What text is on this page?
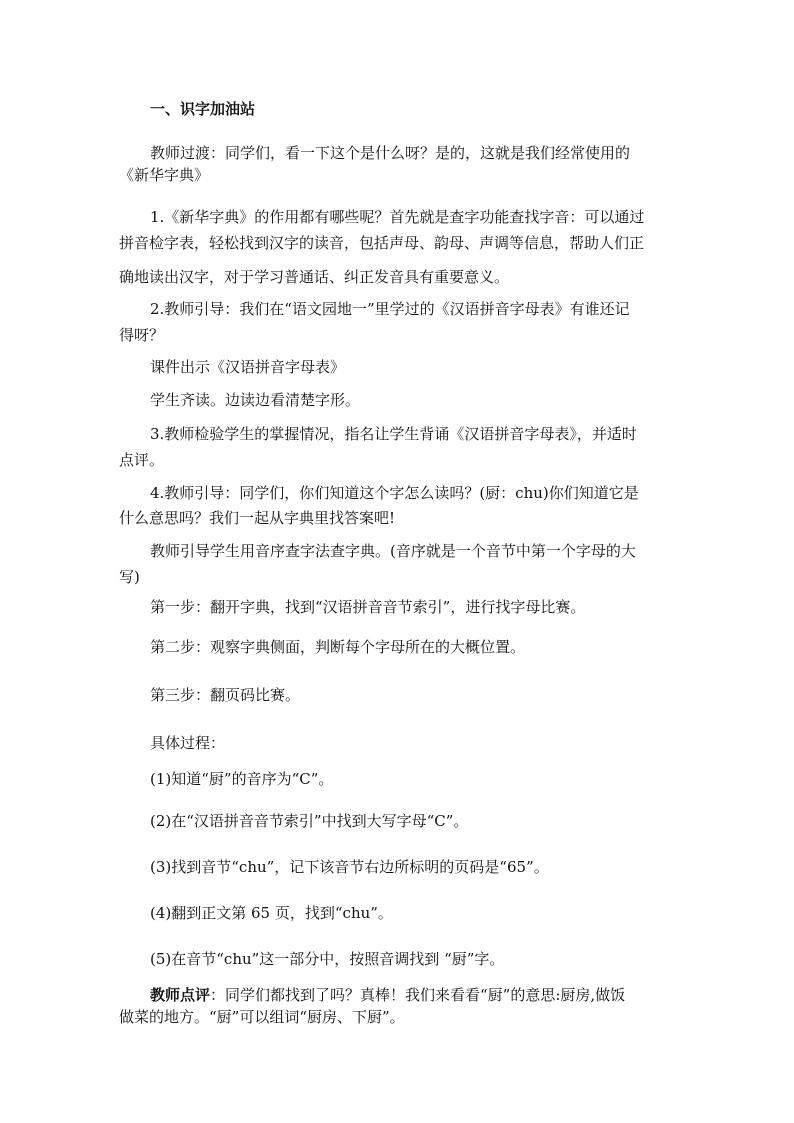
一、识字加油站
教师过渡：同学们，看一下这个是什么呀？是的，这就是我们经常使用的
《新华字典》
1.《新华字典》的作用都有哪些呢？首先就是查字功能查找字音：可以通过
拼音检字表，轻松找到汉字的读音，包括声母、韵母、声调等信息，帮助人们正
确地读出汉字，对于学习普通话、纠正发音具有重要意义。
2.教师引导：我们在“语文园地一”里学过的《汉语拼音字母表》有谁还记
得呀？
课件出示《汉语拼音字母表》
学生齐读。边读边看清楚字形。
3.教师检验学生的掌握情况，指名让学生背诵《汉语拼音字母表》，并适时
点评。
4.教师引导：同学们，你们知道这个字怎么读吗？(厨：chu)你们知道它是
什么意思吗？我们一起从字典里找答案吧!
教师引导学生用音序查字法查字典。(音序就是一个音节中第一个字母的大
写)
第一步：翻开字典，找到“汉语拼音音节索引”，进行找字母比赛。
第二步：观察字典侧面，判断每个字母所在的大概位置。
第三步：翻页码比赛。
具体过程：
(1)知道“厨”的音序为“C”。
(2)在“汉语拼音音节索引”中找到大写字母“C”。
(3)找到音节“chu”，记下该音节右边所标明的页码是“65”。
(4)翻到正文第 65 页，找到“chu”。
(5)在音节“chu”这一部分中，按照音调找到 “厨”字。
教师点评：同学们都找到了吗？真棒！我们来看看“厨”的意思:厨房,做饭
做菜的地方。“厨”可以组词“厨房、下厨”。
